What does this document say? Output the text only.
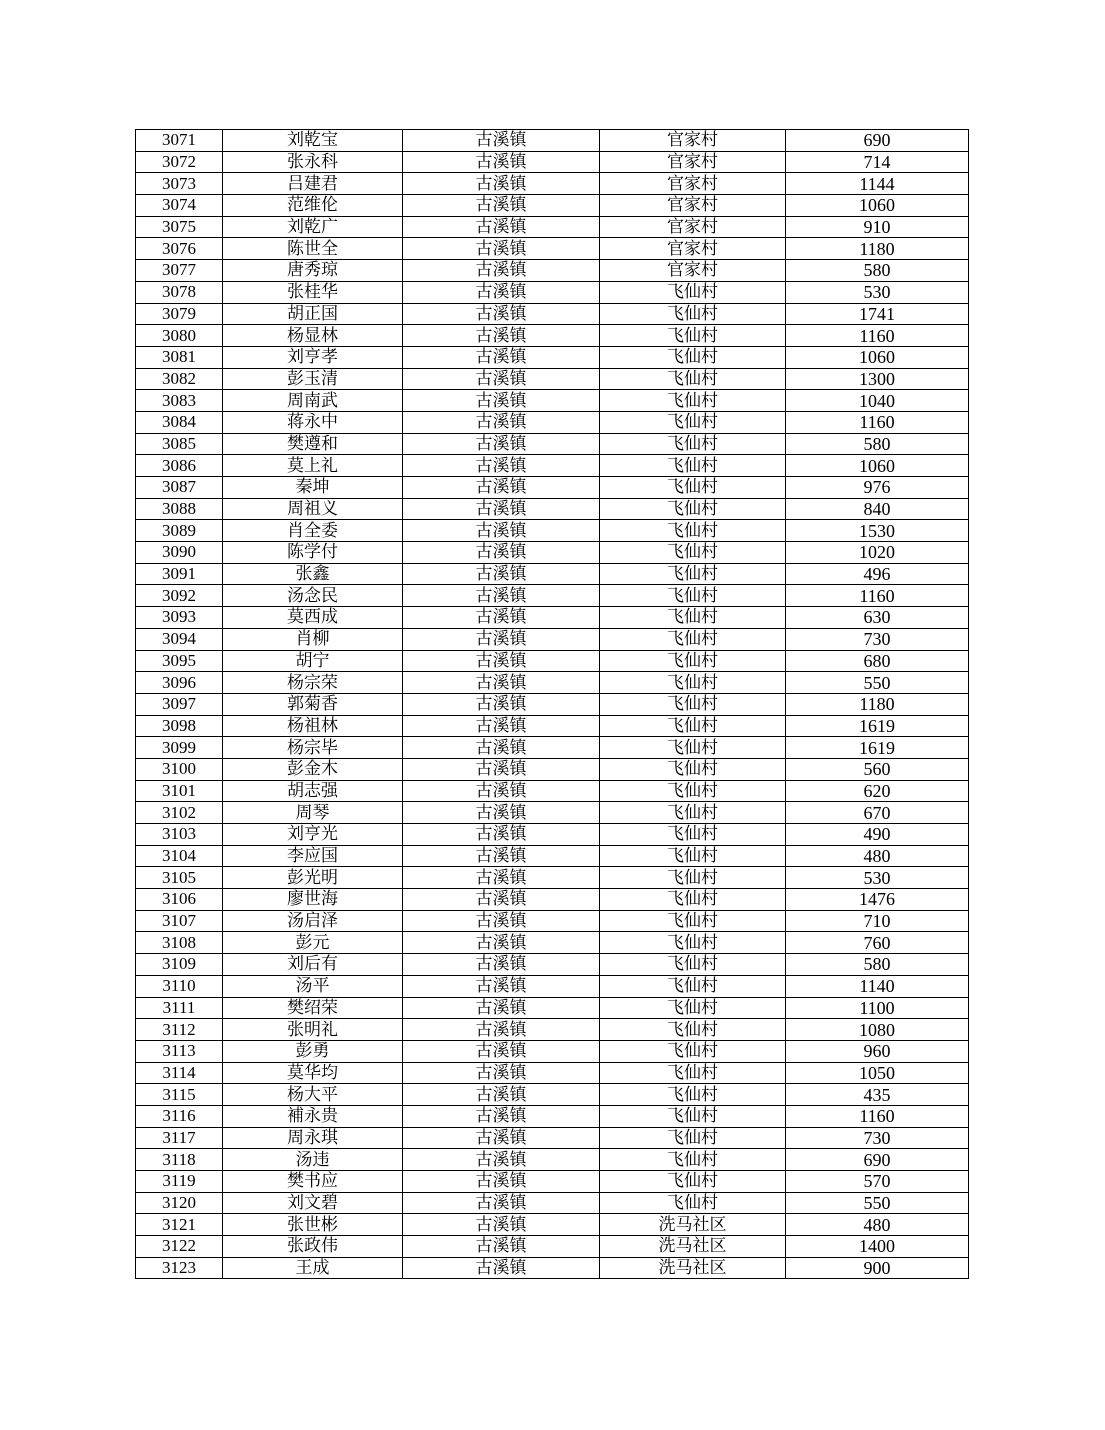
3071	刘乾宝	古溪镇	官家村	690
3072	张永科	古溪镇	官家村	714
3073	吕建君	古溪镇	官家村	1144
3074	范维伦	古溪镇	官家村	1060
3075	刘乾广	古溪镇	官家村	910
3076	陈世全	古溪镇	官家村	1180
3077	唐秀琼	古溪镇	官家村	580
3078	张桂华	古溪镇	飞仙村	530
3079	胡正国	古溪镇	飞仙村	1741
3080	杨显林	古溪镇	飞仙村	1160
3081	刘亨孝	古溪镇	飞仙村	1060
3082	彭玉清	古溪镇	飞仙村	1300
3083	周南武	古溪镇	飞仙村	1040
3084	蒋永中	古溪镇	飞仙村	1160
3085	樊遵和	古溪镇	飞仙村	580
3086	莫上礼	古溪镇	飞仙村	1060
3087	秦坤	古溪镇	飞仙村	976
3088	周祖义	古溪镇	飞仙村	840
3089	肖全委	古溪镇	飞仙村	1530
3090	陈学付	古溪镇	飞仙村	1020
3091	张鑫	古溪镇	飞仙村	496
3092	汤念民	古溪镇	飞仙村	1160
3093	莫西成	古溪镇	飞仙村	630
3094	肖柳	古溪镇	飞仙村	730
3095	胡宁	古溪镇	飞仙村	680
3096	杨宗荣	古溪镇	飞仙村	550
3097	郭菊香	古溪镇	飞仙村	1180
3098	杨祖林	古溪镇	飞仙村	1619
3099	杨宗毕	古溪镇	飞仙村	1619
3100	彭金木	古溪镇	飞仙村	560
3101	胡志强	古溪镇	飞仙村	620
3102	周琴	古溪镇	飞仙村	670
3103	刘亨光	古溪镇	飞仙村	490
3104	李应国	古溪镇	飞仙村	480
3105	彭光明	古溪镇	飞仙村	530
3106	廖世海	古溪镇	飞仙村	1476
3107	汤启泽	古溪镇	飞仙村	710
3108	彭元	古溪镇	飞仙村	760
3109	刘后有	古溪镇	飞仙村	580
3110	汤平	古溪镇	飞仙村	1140
3111	樊绍荣	古溪镇	飞仙村	1100
3112	张明礼	古溪镇	飞仙村	1080
3113	彭勇	古溪镇	飞仙村	960
3114	莫华均	古溪镇	飞仙村	1050
3115	杨大平	古溪镇	飞仙村	435
3116	補永贵	古溪镇	飞仙村	1160
3117	周永琪	古溪镇	飞仙村	730
3118	汤违	古溪镇	飞仙村	690
3119	樊书应	古溪镇	飞仙村	570
3120	刘文碧	古溪镇	飞仙村	550
3121	张世彬	古溪镇	洗马社区	480
3122	张政伟	古溪镇	洗马社区	1400
3123	王成	古溪镇	洗马社区	900
